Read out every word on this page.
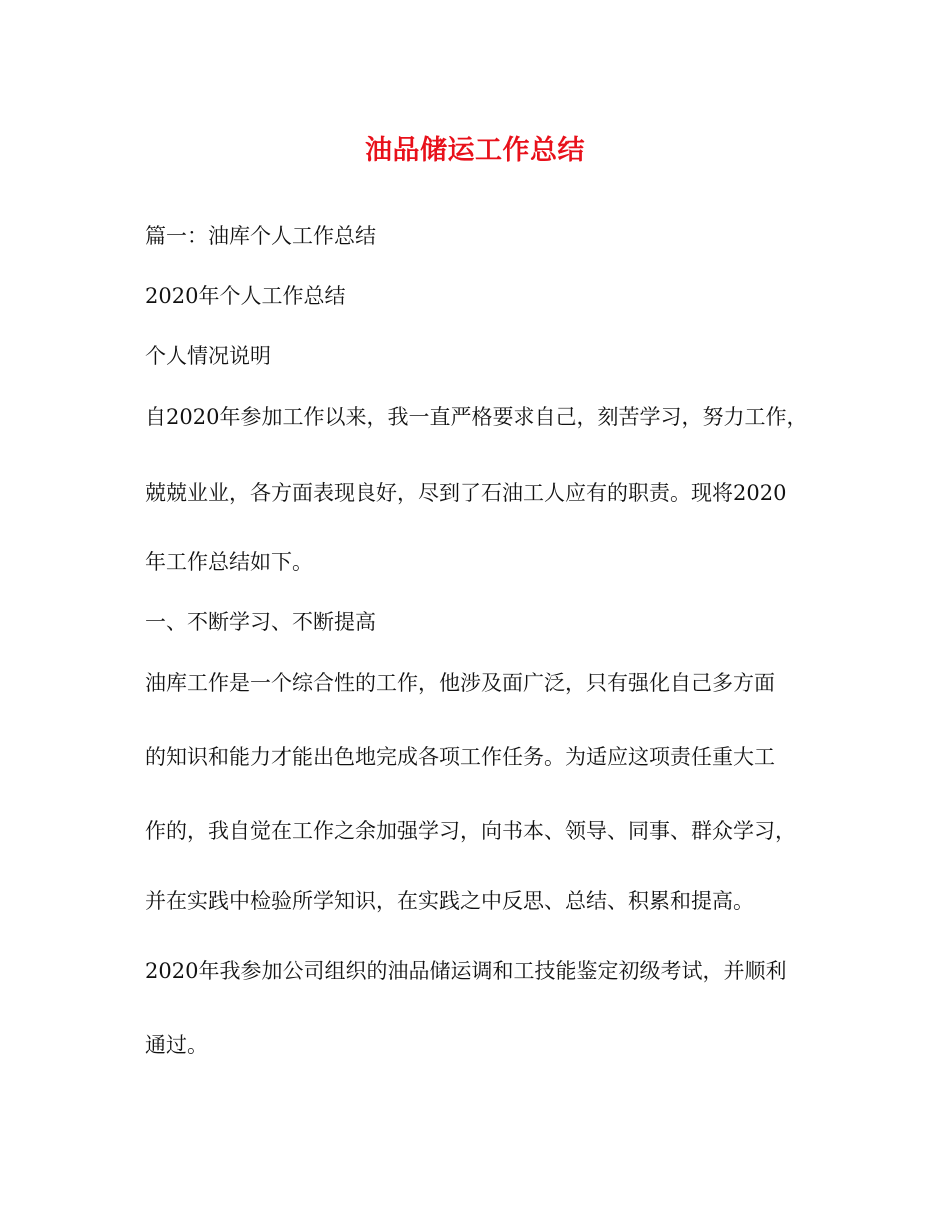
油品储运工作总结
篇一：油库个人工作总结
2020年个人工作总结
个人情况说明
自2020年参加工作以来，我一直严格要求自己，刻苦学习，努力工作，
兢兢业业，各方面表现良好，尽到了石油工人应有的职责。现将2020
年工作总结如下。
一、不断学习、不断提高
油库工作是一个综合性的工作，他涉及面广泛，只有强化自己多方面
的知识和能力才能出色地完成各项工作任务。为适应这项责任重大工
作的，我自觉在工作之余加强学习，向书本、领导、同事、群众学习，
并在实践中检验所学知识，在实践之中反思、总结、积累和提高。
2020年我参加公司组织的油品储运调和工技能鉴定初级考试，并顺利
通过。
